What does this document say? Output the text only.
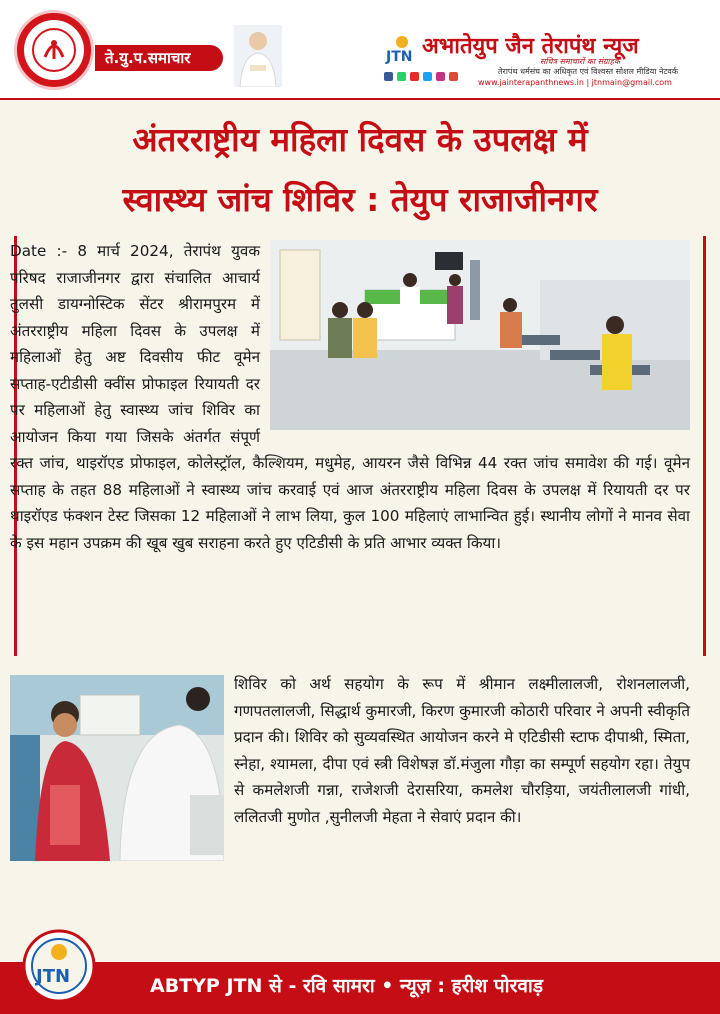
ते.यु.प.समाचार	JTN अभातेयुप जैन तेरापंथ न्यूज
सचित्र समाचारों का संग्राहक
तेरापंथ धर्मसंघ का अधिकृत एवं विश्वस्त सोशल मीडिया नेटवर्क
www.jainterapanthnews.in | jtnmain@gmail.com
अंतरराष्ट्रीय महिला दिवस के उपलक्ष में
स्वास्थ्य जांच शिविर : तेयुप राजाजीनगर
Date :- 8 मार्च 2024, तेरापंथ युवक परिषद राजाजीनगर द्वारा संचालित आचार्य तुलसी डायग्नोस्टिक सेंटर श्रीरामपुरम में अंतरराष्ट्रीय महिला दिवस के उपलक्ष में महिलाओं हेतु अष्ट दिवसीय फीट वूमेन सप्ताह-एटीडीसी क्वींस प्रोफाइल रियायती दर पर महिलाओं हेतु स्वास्थ्य जांच शिविर का आयोजन किया गया जिसके अंतर्गत संपूर्ण रक्त जांच, थाइरॉएड प्रोफाइल, कोलेस्ट्रॉल, कैल्शियम, मधुमेह, आयरन जैसे विभिन्न 44 रक्त जांच समावेश की गई। वूमेन सप्ताह के तहत 88 महिलाओं ने स्वास्थ्य जांच करवाई एवं आज अंतरराष्ट्रीय महिला दिवस के उपलक्ष में रियायती दर पर थाइरॉएड फंक्शन टेस्ट जिसका 12 महिलाओं ने लाभ लिया, कुल 100 महिलाएं लाभान्वित हुई। स्थानीय लोगों ने मानव सेवा के इस महान उपक्रम की खूब खुब सराहना करते हुए एटिडीसी के प्रति आभार व्यक्त किया।
शिविर को अर्थ सहयोग के रूप में श्रीमान लक्ष्मीलालजी, रोशनलालजी, गणपतलालजी, सिद्धार्थ कुमारजी, किरण कुमारजी कोठारी परिवार ने अपनी स्वीकृति प्रदान की। शिविर को सुव्यवस्थित आयोजन करने मे एटिडीसी स्टाफ दीपाश्री, स्मिता, स्नेहा, श्यामला, दीपा एवं स्त्री विशेषज्ञ डॉ.मंजुला गौड़ा का सम्पूर्ण सहयोग रहा। तेयुप से कमलेशजी गन्ना, राजेशजी देरासरिया, कमलेश चौरड़िया, जयंतीलालजी गांधी, ललितजी मुणोत ,सुनीलजी मेहता ने सेवाएं प्रदान की।
JTN	ABTYP JTN से - रवि सामरा • न्यूज़ : हरीश पोरवाड़
